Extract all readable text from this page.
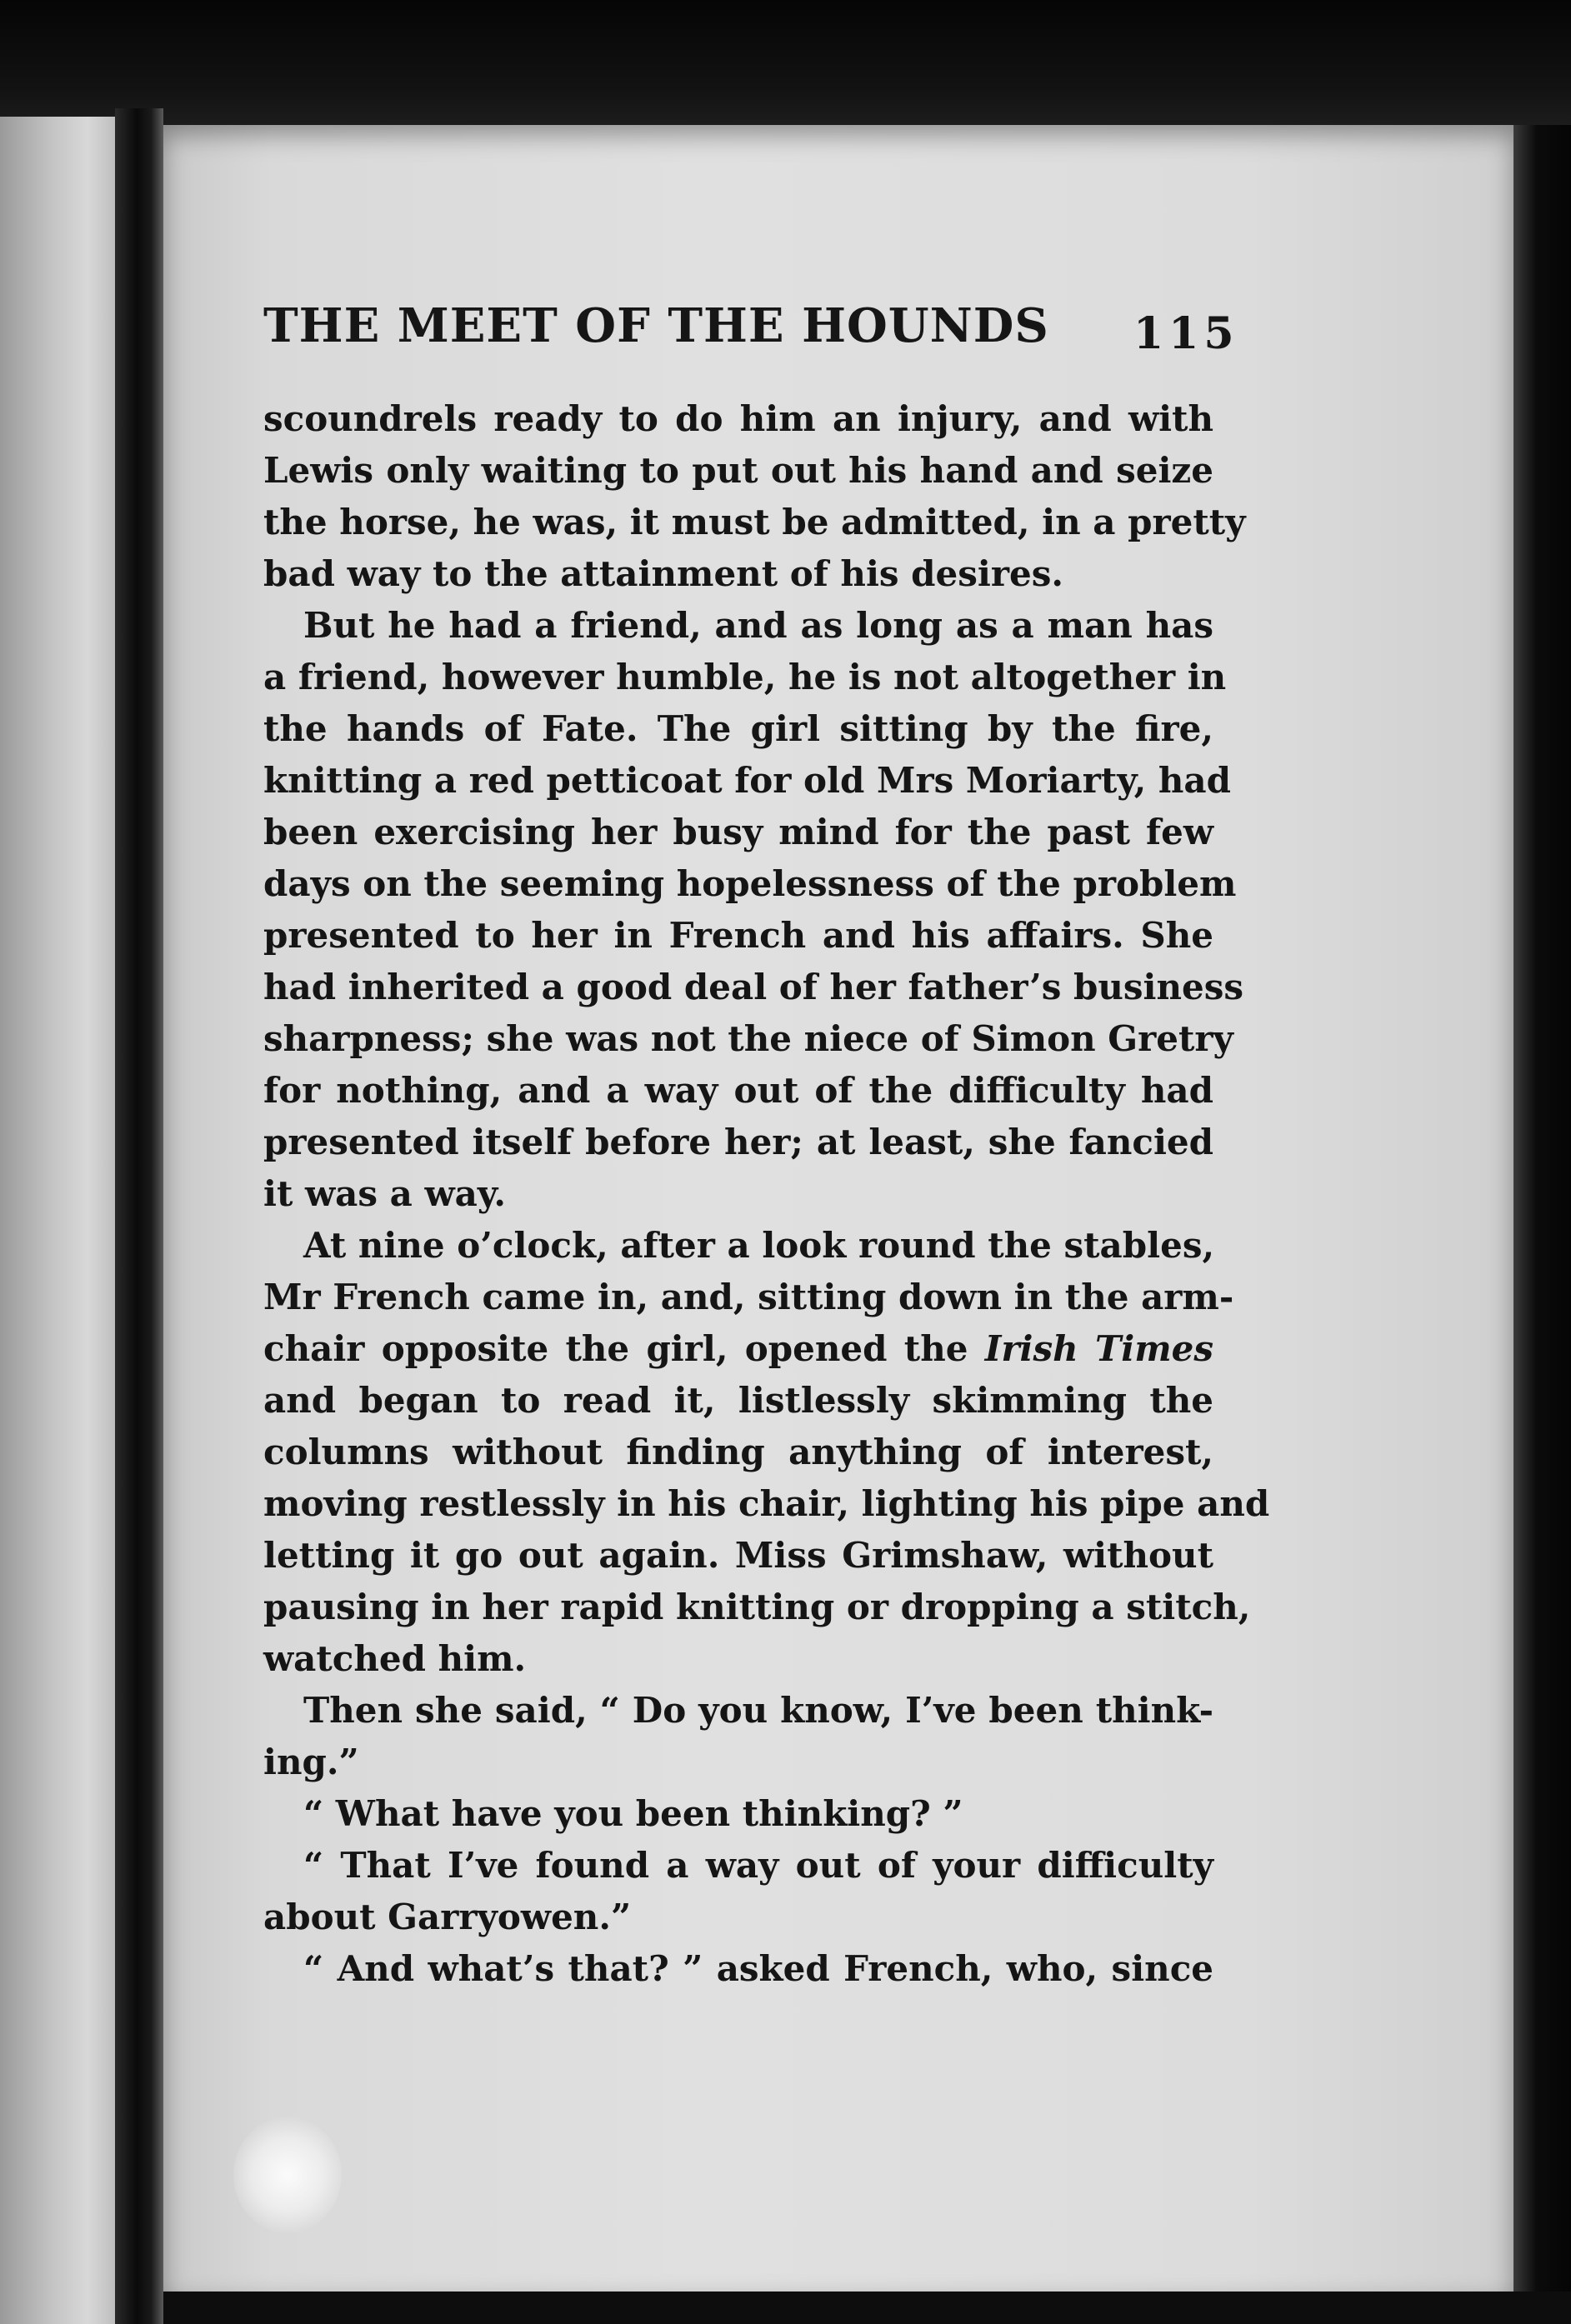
THE MEET OF THE HOUNDS	115
scoundrels ready to do him an injury, and with
Lewis only waiting to put out his hand and seize
the horse, he was, it must be admitted, in a pretty
bad way to the attainment of his desires.
But he had a friend, and as long as a man has
a friend, however humble, he is not altogether in
the hands of Fate. The girl sitting by the fire,
knitting a red petticoat for old Mrs Moriarty, had
been exercising her busy mind for the past few
days on the seeming hopelessness of the problem
presented to her in French and his affairs. She
had inherited a good deal of her father’s business
sharpness; she was not the niece of Simon Gretry
for nothing, and a way out of the difficulty had
presented itself before her; at least, she fancied
it was a way.
At nine o’clock, after a look round the stables,
Mr French came in, and, sitting down in the arm-
chair opposite the girl, opened the Irish Times
and began to read it, listlessly skimming the
columns without finding anything of interest,
moving restlessly in his chair, lighting his pipe and
letting it go out again. Miss Grimshaw, without
pausing in her rapid knitting or dropping a stitch,
watched him.
Then she said, “ Do you know, I’ve been think-
ing.”
“ What have you been thinking? ”
“ That I’ve found a way out of your difficulty
about Garryowen.”
“ And what’s that? ” asked French, who, since
